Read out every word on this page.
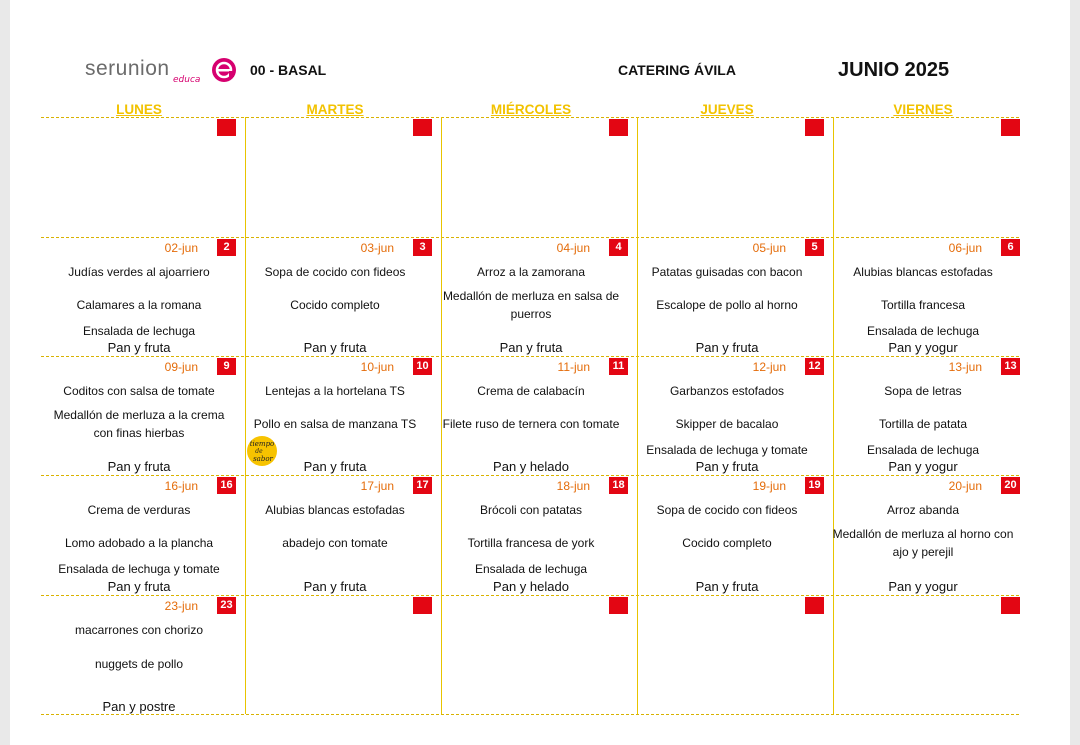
serunion educa
00 - BASAL	CATERING ÁVILA	JUNIO 2025
LUNES	MARTES	MIÉRCOLES	JUEVES	VIERNES
02-jun	2
Judías verdes al ajoarriero
Calamares a la romana
Ensalada de lechuga
Pan y fruta
03-jun	3
Sopa de cocido con fideos
Cocido completo
Pan y fruta
04-jun	4
Arroz a la zamorana
Medallón de merluza en salsa de puerros
Pan y fruta
05-jun	5
Patatas guisadas con bacon
Escalope de pollo al horno
Pan y fruta
06-jun	6
Alubias blancas estofadas
Tortilla francesa
Ensalada de lechuga
Pan y yogur
09-jun	9
Coditos con salsa de tomate
Medallón de merluza a la crema con finas hierbas
Pan y fruta
10-jun	10
Lentejas a la hortelana TS
Pollo en salsa de manzana TS
Pan y fruta
11-jun	11
Crema de calabacín
Filete ruso de ternera con tomate
Pan y helado
12-jun	12
Garbanzos estofados
Skipper de bacalao
Ensalada de lechuga y tomate
Pan y fruta
13-jun	13
Sopa de letras
Tortilla de patata
Ensalada de lechuga
Pan y yogur
16-jun	16
Crema de verduras
Lomo adobado a la plancha
Ensalada de lechuga y tomate
Pan y fruta
17-jun	17
Alubias blancas estofadas
abadejo con tomate
Pan y fruta
18-jun	18
Brócoli con patatas
Tortilla francesa de york
Ensalada de lechuga
Pan y helado
19-jun	19
Sopa de cocido con fideos
Cocido completo
Pan y fruta
20-jun	20
Arroz abanda
Medallón de merluza al horno con ajo y perejil
Pan y yogur
23-jun	23
macarrones con chorizo
nuggets de pollo
Pan y postre
tiempo
de
sabor
